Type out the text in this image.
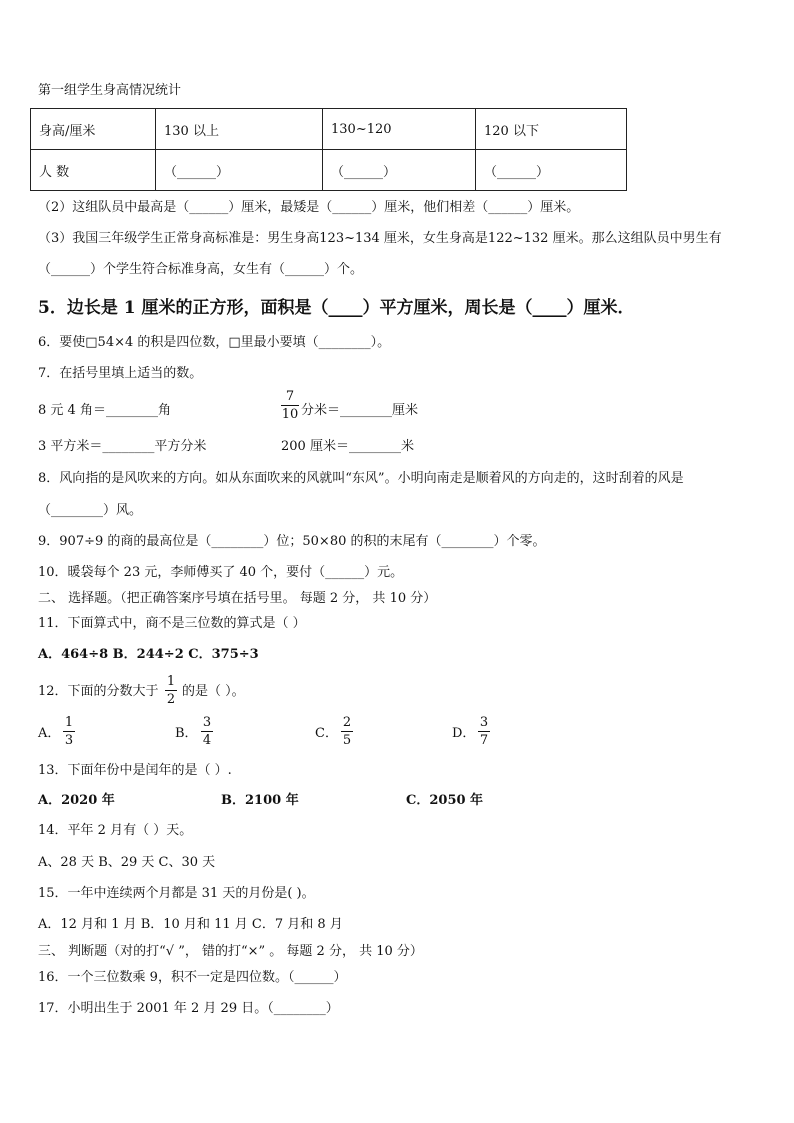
第一组学生身高情况统计
身高/厘米	130 以上	130~120	120 以下
人 数	（______）	（______）	（______）
（2）这组队员中最高是（______）厘米，最矮是（______）厘米，他们相差（______）厘米。
（3）我国三年级学生正常身高标准是：男生身高123~134 厘米，女生身高是122~132 厘米。那么这组队员中男生有
（______）个学生符合标准身高，女生有（______）个。
5．边长是 1 厘米的正方形，面积是（____）平方厘米，周长是（____）厘米．
6．要使□54×4 的积是四位数，□里最小要填（________）。
7．在括号里填上适当的数。
8 元 4 角＝________角
7
10 分米＝________厘米
3 平方米＝________平方分米	200 厘米＝________米
8．风向指的是风吹来的方向。如从东面吹来的风就叫“东风”。小明向南走是顺着风的方向走的，这时刮着的风是
（________）风。
9．907÷9 的商的最高位是（________）位；50×80 的积的末尾有（________）个零。
10．暖袋每个 23 元，李师傅买了 40 个，要付（______）元。
二、 选择题。（把正确答案序号填在括号里。 每题 2 分， 共 10 分）
11．下面算式中，商不是三位数的算式是（ ）
A．464÷8 B．244÷2 C．375÷3
12．下面的分数大于
1
2
的是（ ）。
A．
1
3	B．
3
4	C．
2
5	D．
3
7
13．下面年份中是闰年的是（ ）.
A．2020 年	B．2100 年	C．2050 年
14．平年 2 月有（ ）天。
A、28 天 B、29 天 C、30 天
15．一年中连续两个月都是 31 天的月份是( )。
A．12 月和 1 月 B．10 月和 11 月 C．7 月和 8 月
三、 判断题（对的打“√ ”， 错的打“×” 。 每题 2 分， 共 10 分）
16．一个三位数乘 9，积不一定是四位数。（______）
17．小明出生于 2001 年 2 月 29 日。（________）
